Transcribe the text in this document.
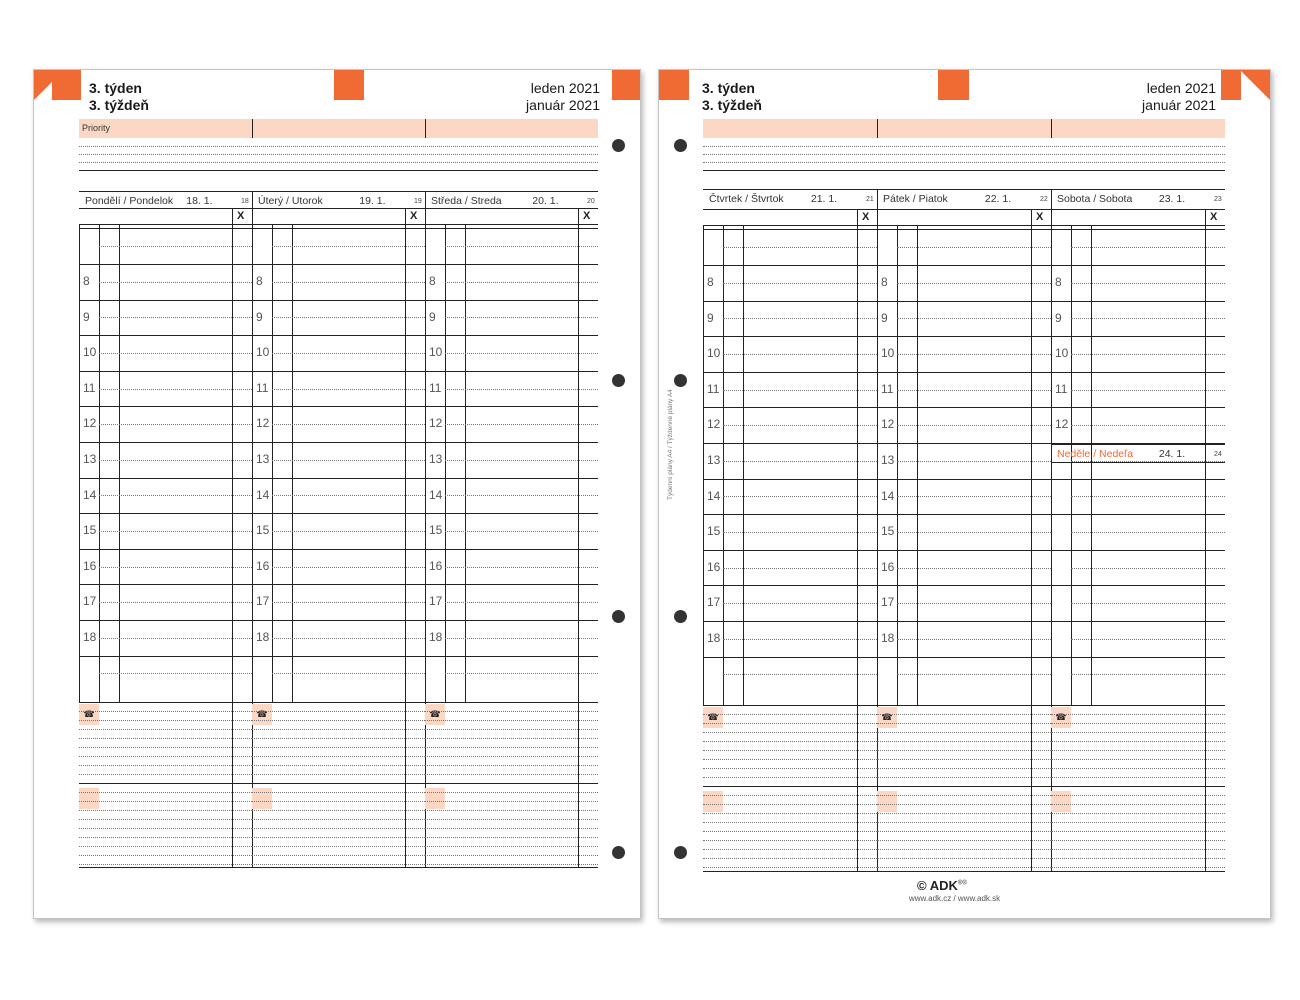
3. týden
3. týždeň
leden 2021
január 2021
Priority
Pondělí / Pondelok 18. 1.	18
X
8
9
10
11
12
13
14
15
16
17
18
☎
Úterý / Utorok	19. 1.	19
X
8
9
10
11
12
13
14
15
16
17
18
☎
Středa / Streda	20. 1.	20
X
8
9
10
11
12
13
14
15
16
17
18
☎
3. týden
3. týždeň
leden 2021
január 2021
Týdenní plány A4 / Týždenné plány A4
Čtvrtek / Štvrtok	21. 1.	21
X
8
9
10
11
12
13
14
15
16
17
18
☎
Pátek / Piatok	22. 1.	22
X
8
9
10
11
12
13
14
15
16
17
18
☎
Sobota / Sobota	23. 1.	23
X
8
9
10
11
12
☎
Neděle / Nedeľa 24. 1.	24
© ADK®®
www.adk.cz / www.adk.sk
